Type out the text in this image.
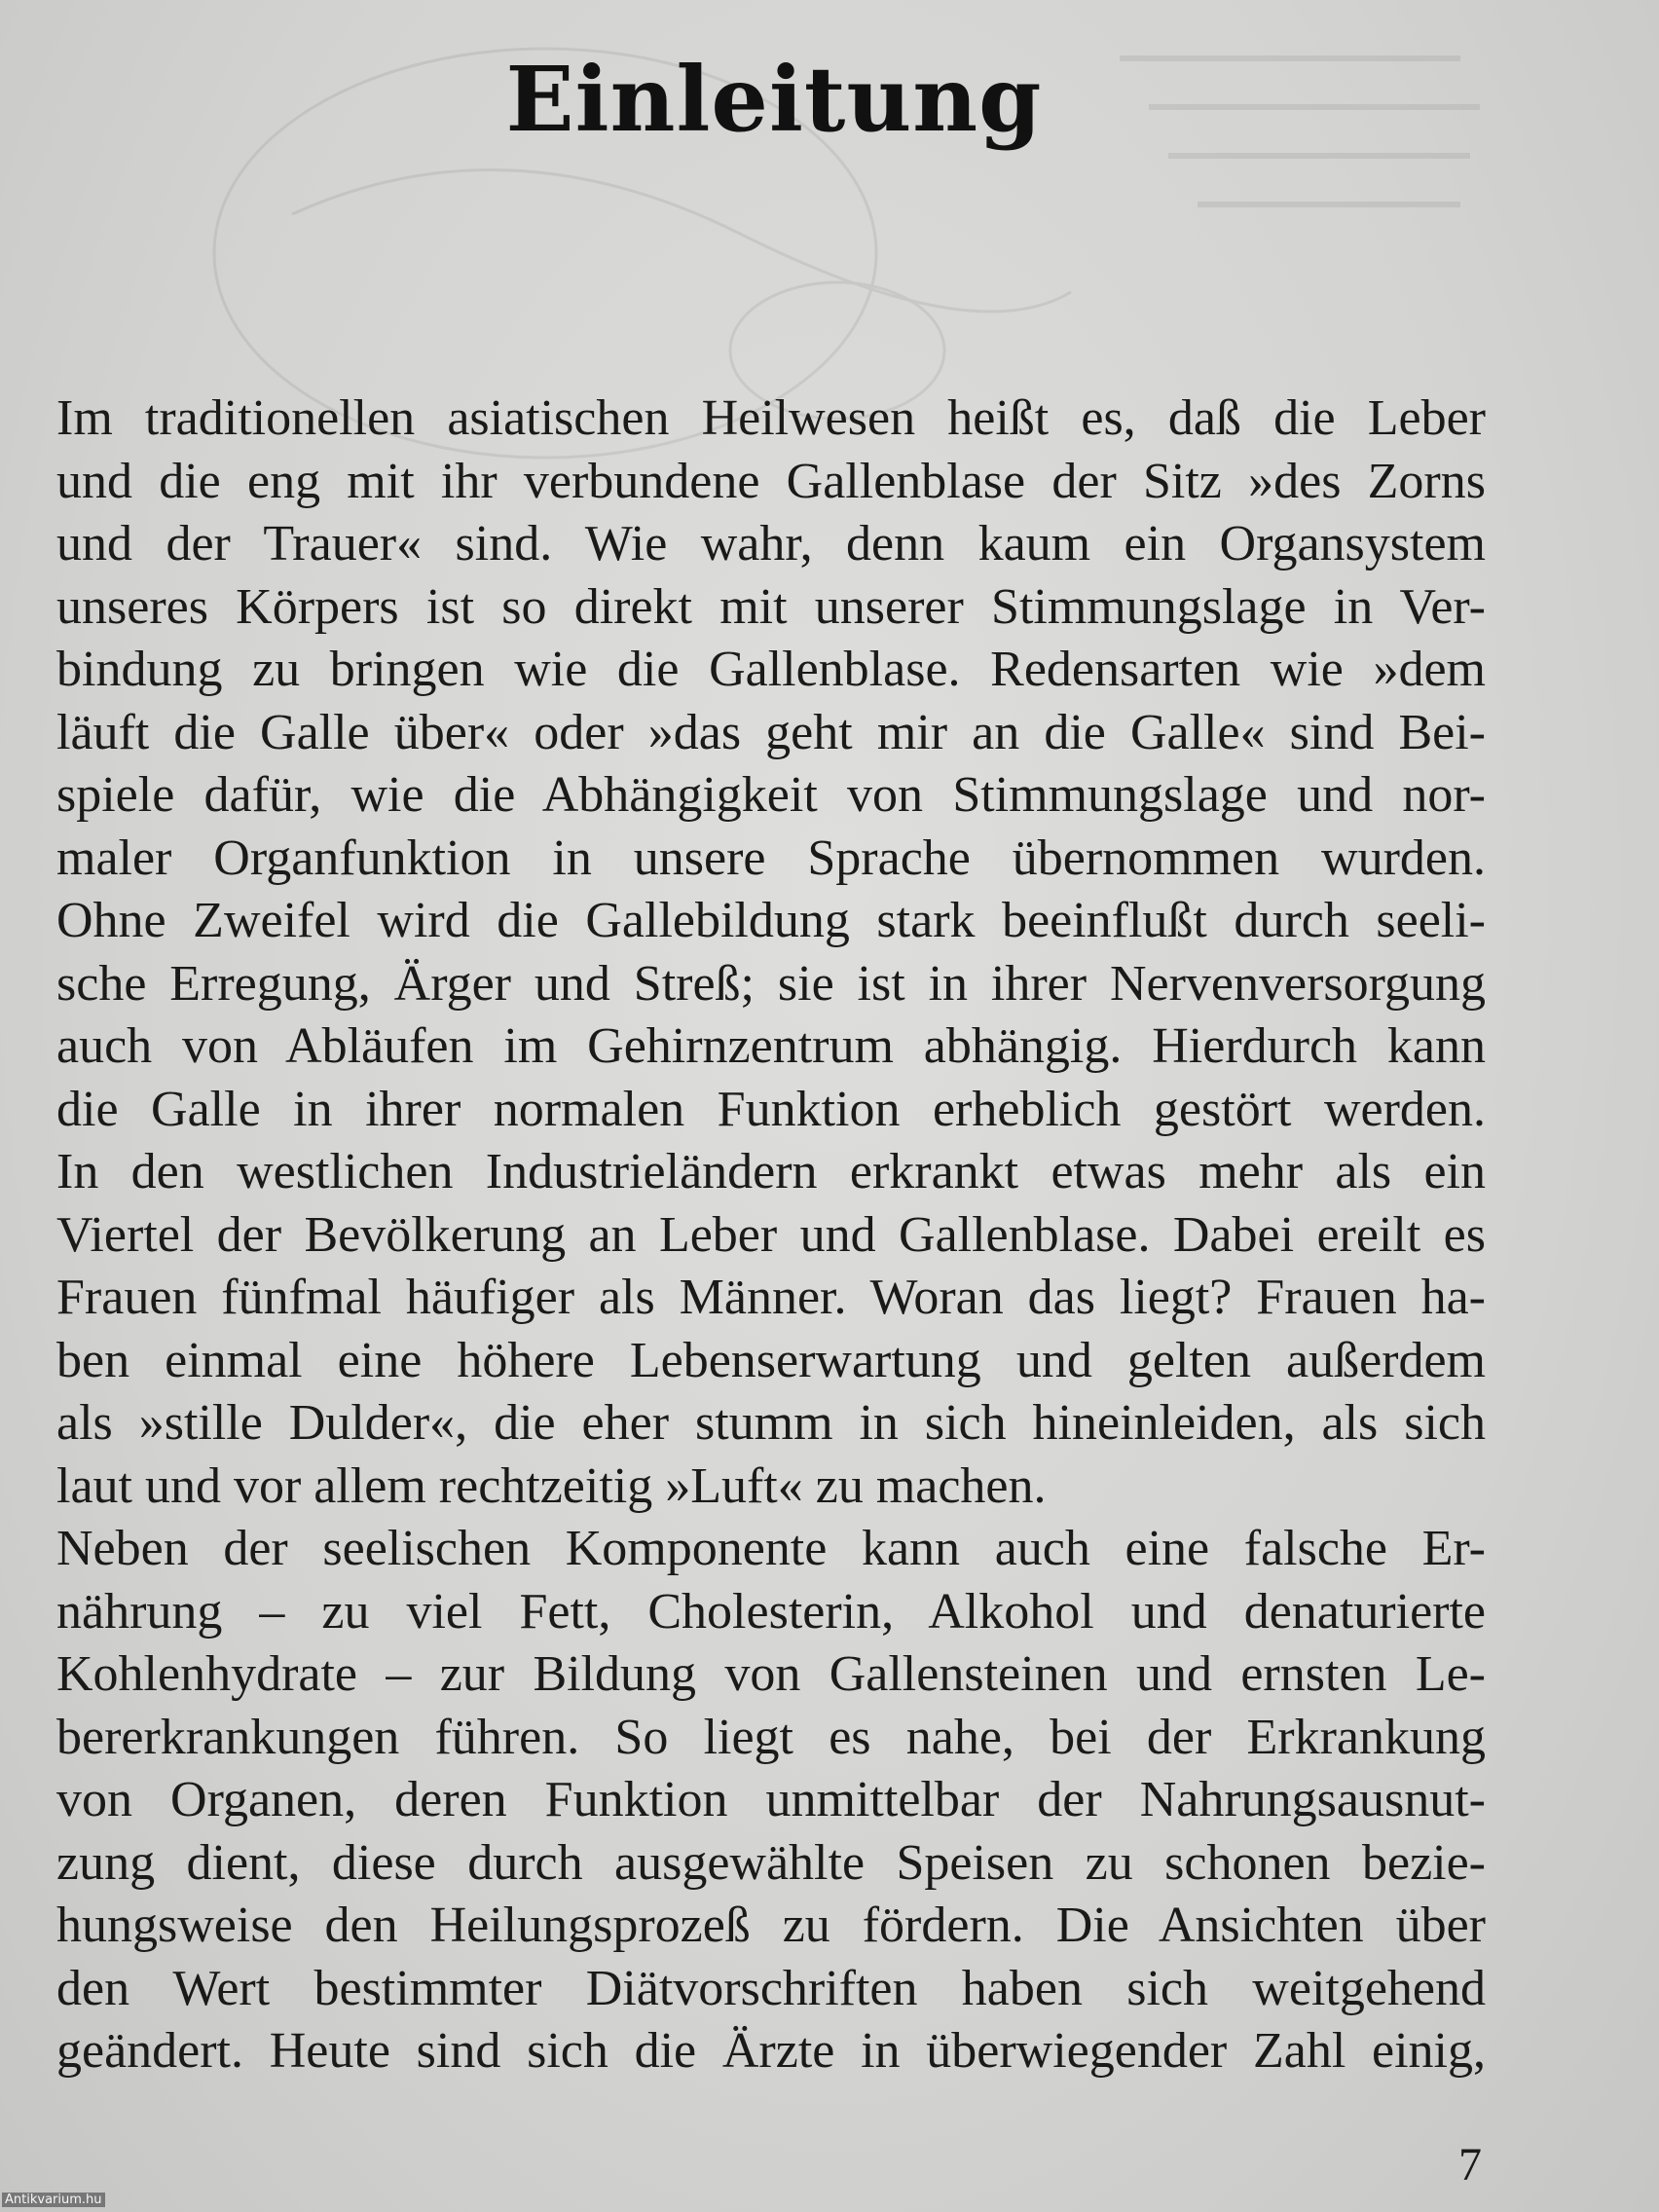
Einleitung
Im traditionellen asiatischen Heilwesen heißt es, daß die Leber
und die eng mit ihr verbundene Gallenblase der Sitz »des Zorns
und der Trauer« sind. Wie wahr, denn kaum ein Organsystem
unseres Körpers ist so direkt mit unserer Stimmungslage in Ver-
bindung zu bringen wie die Gallenblase. Redensarten wie »dem
läuft die Galle über« oder »das geht mir an die Galle« sind Bei-
spiele dafür, wie die Abhängigkeit von Stimmungslage und nor-
maler Organfunktion in unsere Sprache übernommen wurden.
Ohne Zweifel wird die Gallebildung stark beeinflußt durch seeli-
sche Erregung, Ärger und Streß; sie ist in ihrer Nervenversorgung
auch von Abläufen im Gehirnzentrum abhängig. Hierdurch kann
die Galle in ihrer normalen Funktion erheblich gestört werden.
In den westlichen Industrieländern erkrankt etwas mehr als ein
Viertel der Bevölkerung an Leber und Gallenblase. Dabei ereilt es
Frauen fünfmal häufiger als Männer. Woran das liegt? Frauen ha-
ben einmal eine höhere Lebenserwartung und gelten außerdem
als »stille Dulder«, die eher stumm in sich hineinleiden, als sich
laut und vor allem rechtzeitig »Luft« zu machen.
Neben der seelischen Komponente kann auch eine falsche Er-
nährung – zu viel Fett, Cholesterin, Alkohol und denaturierte
Kohlenhydrate – zur Bildung von Gallensteinen und ernsten Le-
bererkrankungen führen. So liegt es nahe, bei der Erkrankung
von Organen, deren Funktion unmittelbar der Nahrungsausnut-
zung dient, diese durch ausgewählte Speisen zu schonen bezie-
hungsweise den Heilungsprozeß zu fördern. Die Ansichten über
den Wert bestimmter Diätvorschriften haben sich weitgehend
geändert. Heute sind sich die Ärzte in überwiegender Zahl einig,
7
Antikvarium.hu
